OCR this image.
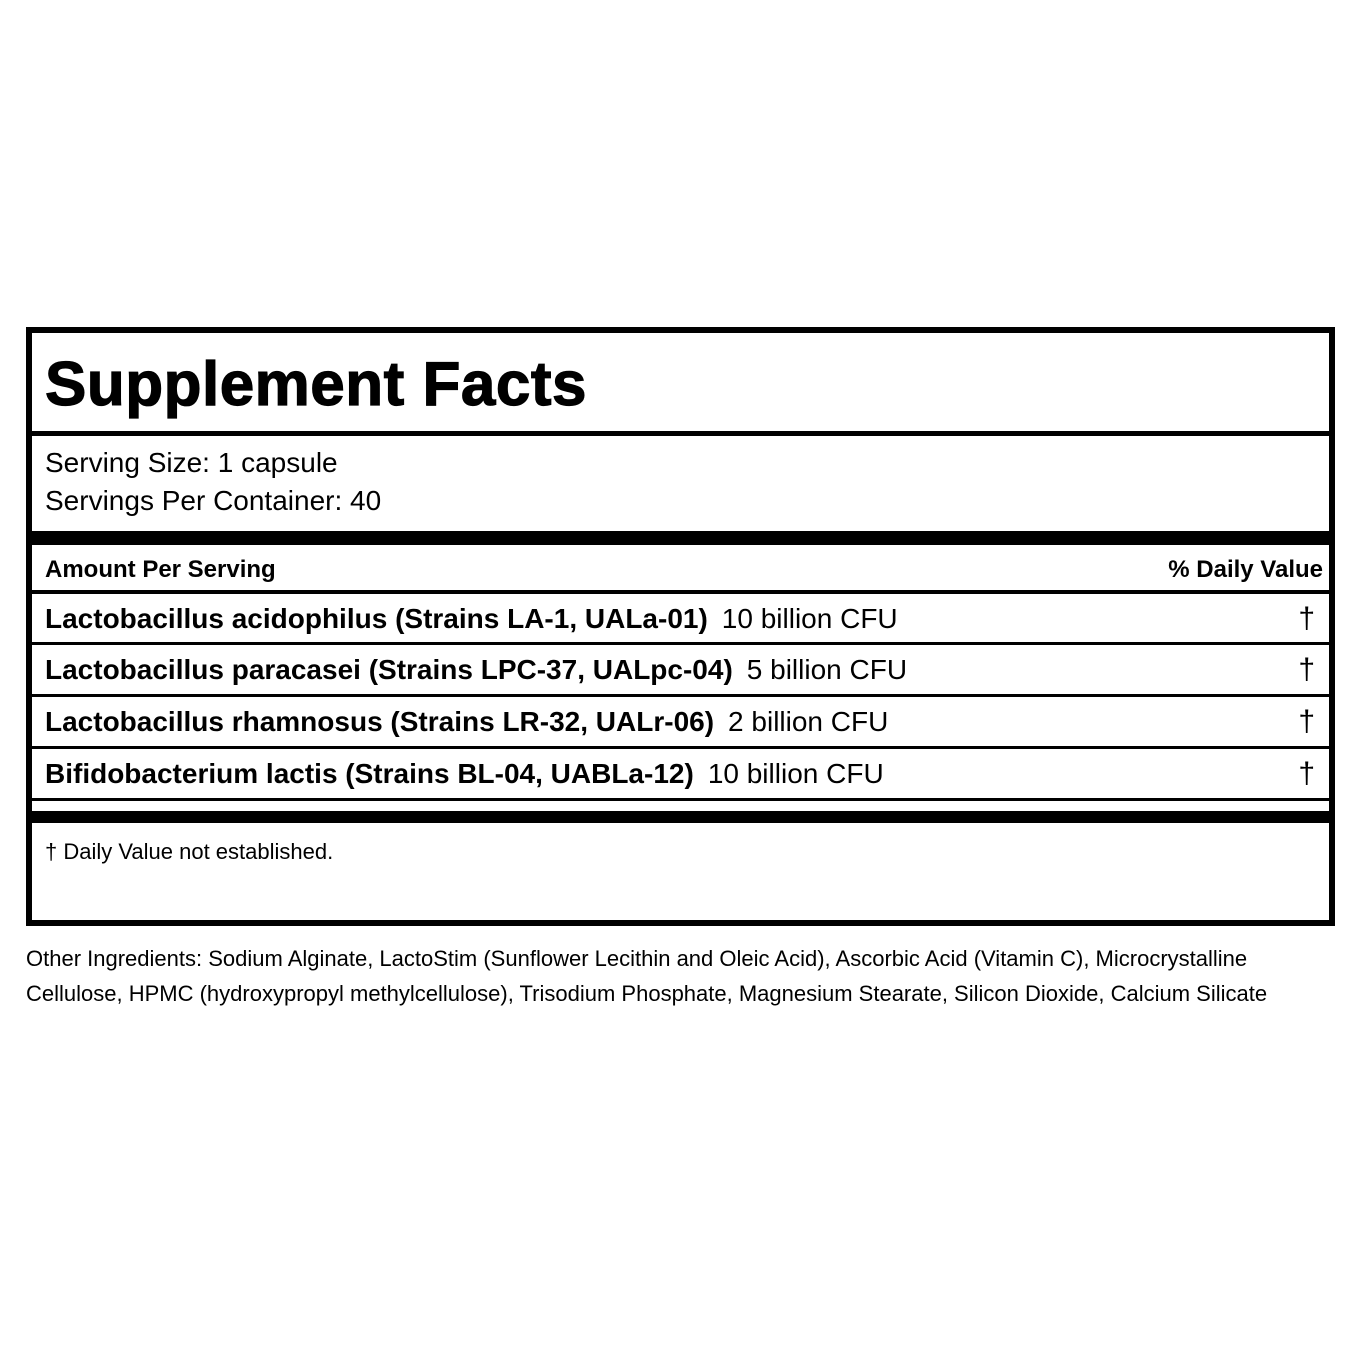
Supplement Facts
Serving Size: 1 capsule
Servings Per Container: 40
Amount Per Serving	% Daily Value
Lactobacillus acidophilus (Strains LA-1, UALa-01) 10 billion CFU	†
Lactobacillus paracasei (Strains LPC-37, UALpc-04) 5 billion CFU	†
Lactobacillus rhamnosus (Strains LR-32, UALr-06) 2 billion CFU	†
Bifidobacterium lactis (Strains BL-04, UABLa-12) 10 billion CFU	†
† Daily Value not established.
Other Ingredients: Sodium Alginate, LactoStim (Sunflower Lecithin and Oleic Acid), Ascorbic Acid (Vitamin C), Microcrystalline Cellulose, HPMC (hydroxypropyl methylcellulose), Trisodium Phosphate, Magnesium Stearate, Silicon Dioxide, Calcium Silicate
